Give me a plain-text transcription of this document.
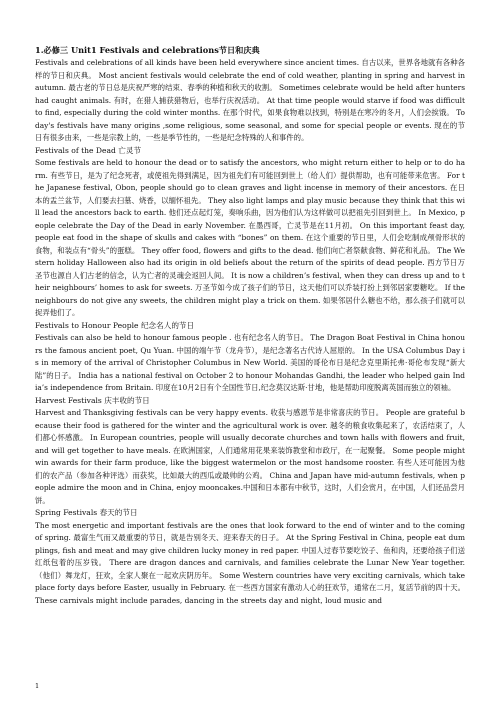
1.必修三 Unit1 Festivals and celebrations节日和庆典

Festivals and celebrations of all kinds have been held everywhere since ancient times. 自古以来，世界各地就有各种各样的节日和庆典。 Most ancient festivals would celebrate the end of cold weather, planting in spring and harvest in autumn. 最古老的节日总是庆祝严寒的结束、春季的种植和秋天的收割。 Sometimes celebrate would be held after hunters had caught animals. 有时，在猎人捕获猎物后，也举行庆祝活动。 At that time people would starve if food was difficult to find, especially during the cold winter months. 在那个时代，如果食物难以找到，特别是在寒冷的冬月，人们会挨饿。 Today's festivals have many origins ,some religious, some seasonal, and some for special people or events. 现在的节日有很多由来，一些是宗教上的，一些是季节性的，一些是纪念特殊的人和事件的。

Festivals of the Dead 亡灵节

Some festivals are held to honour the dead or to satisfy the ancestors, who might return either to help or to do harm. 有些节日，是为了纪念死者，或使祖先得到满足，因为祖先们有可能回到世上（给人们）提供帮助，也有可能带来危害。 For the Japanese festival, Obon, people should go to clean graves and light incense in memory of their ancestors. 在日本的盂兰盆节，人们要去扫墓、烧香，以缅怀祖先。 They also light lamps and play music because they think that this will lead the ancestors back to earth. 他们还点起灯笼，奏响乐曲，因为他们认为这样做可以把祖先引回到世上。 In Mexico, people celebrate the Day of the Dead in early November. 在墨西哥，亡灵节是在11月初。 On this important feast day, people eat food in the shape of skulls and cakes with “bones” on them. 在这个重要的节日里，人们会吃制成颅骨形状的食物，和装点有“骨头”的蛋糕。 They offer food, flowers and gifts to the dead. 他们向亡者祭献食物、鲜花和礼品。 The Western holiday Halloween also had its origin in old beliefs about the return of the spirits of dead people. 西方节日万圣节也源自人们古老的信念，认为亡者的灵魂会返回人间。 It is now a children’s festival, when they can dress up and to their neighbours’ homes to ask for sweets. 万圣节如今成了孩子们的节日，这天他们可以乔装打扮上到邻居家要糖吃。 If the neighbours do not give any sweets, the children might play a trick on them. 如果邻居什么糖也不给，那么孩子们就可以捉弄他们了。

Festivals to Honour People 纪念名人的节日

Festivals can also be held to honour famous people . 也有纪念名人的节日。 The Dragon Boat Festival in China honours the famous ancient poet, Qu Yuan. 中国的端午节（龙舟节），是纪念著名古代诗人屈原的。 In the USA Columbus Day is in memory of the arrival of Christopher Columbus in New World. 美国的哥伦布日是纪念克里斯托弗·哥伦布发现“新大陆”的日子。 India has a national festival on October 2 to honour Mohandas Gandhi, the leader who helped gain India’s independence from Britain. 印度在10月2日有个全国性节日,纪念莫汉达斯·甘地，他是帮助印度脱离英国而独立的领袖。

Harvest Festivals 庆丰收的节日

Harvest and Thanksgiving festivals can be very happy events. 收获与感恩节是非常喜庆的节日。 People are grateful because their food is gathered for the winter and the agricultural work is over. 越冬的粮食收集起来了，农活结束了，人们都心怀感激。 In European countries, people will usually decorate churches and town halls with flowers and fruit, and will get together to have meals. 在欧洲国家，人们通常用花果来装饰教堂和市政厅，在一起聚餐。 Some people might win awards for their farm produce, like the biggest watermelon or the most handsome rooster. 有些人还可能因为他们的农产品（参加各种评选）而获奖，比如最大的西瓜或最帅的公鸡。 China and Japan have mid-autumn festivals, when people admire the moon and in China, enjoy mooncakes.中国和日本都有中秋节，这时，人们会赏月，在中国，人们还品尝月饼。

Spring Festivals 春天的节日

The most energetic and important festivals are the ones that look forward to the end of winter and to the coming of spring. 最富生气而又最重要的节日，就是告别冬天、迎来春天的日子。 At the Spring Festival in China, people eat dumplings, fish and meat and may give children lucky money in red paper. 中国人过春节要吃饺子、鱼和肉，还要给孩子们送红纸包着的压岁钱。 There are dragon dances and carnivals, and families celebrate the Lunar New Year together. （他们）舞龙灯，狂欢，全家人聚在一起欢庆阴历年。 Some Western countries have very exciting carnivals, which take place forty days before Easter, usually in February. 在一些西方国家有激动人心的狂欢节，通常在二月，复活节前的四十天。 These carnivals might include parades, dancing in the streets day and night, loud music and

1
